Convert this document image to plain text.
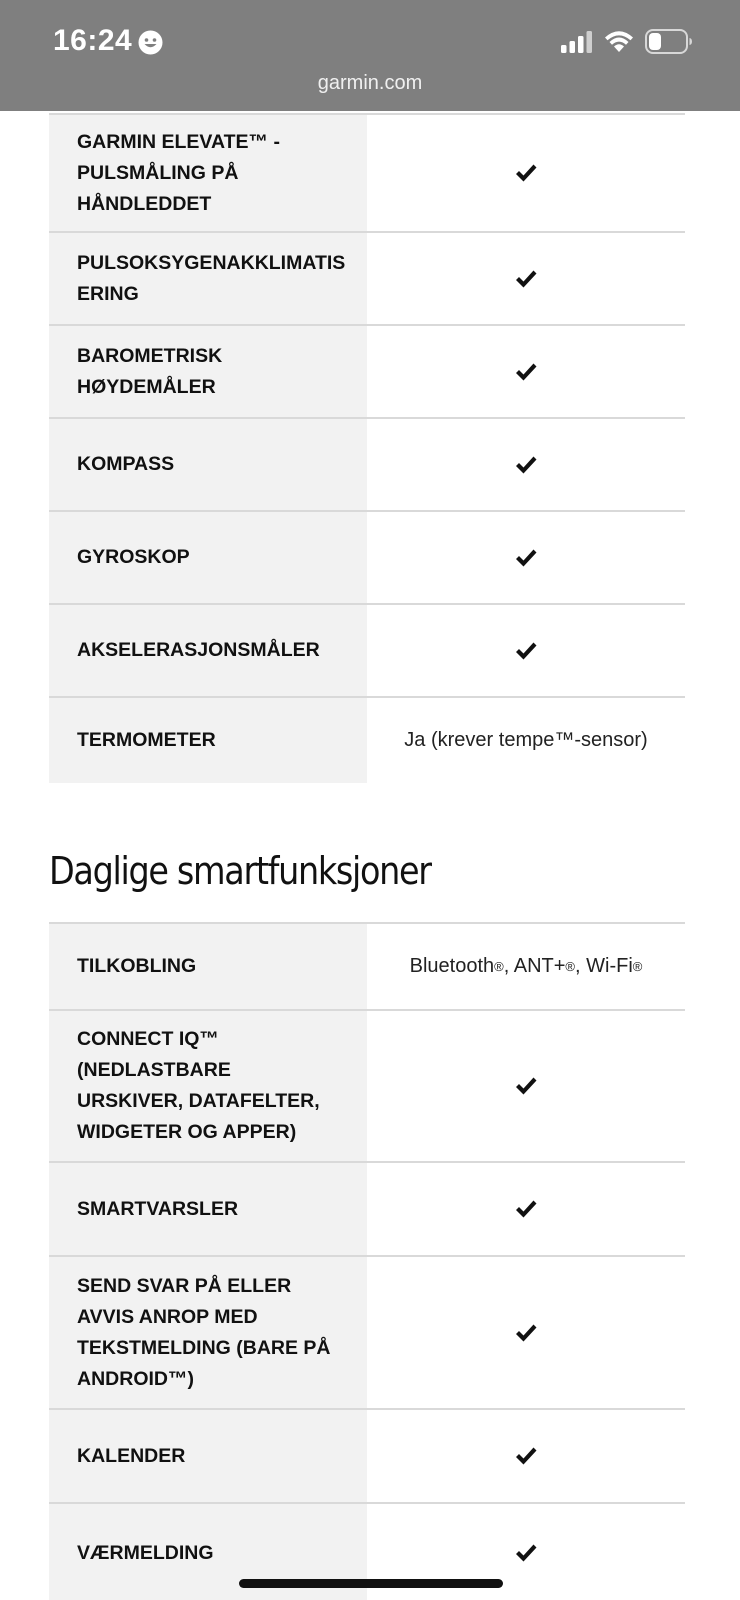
16:24
garmin.com
GARMIN ELEVATE™ - PULSMÅLING PÅ HÅNDLEDDET
PULSOKSYGENAKKLIMATIS ERING
BAROMETRISK HØYDEMÅLER
KOMPASS
GYROSKOP
AKSELERASJONSMÅLER
TERMOMETER	Ja (krever tempe™-sensor)
Daglige smartfunksjoner
TILKOBLING	Bluetooth ® , ANT+ ® , Wi-Fi ®
CONNECT IQ™ (NEDLASTBARE URSKIVER, DATAFELTER, WIDGETER OG APPER)
SMARTVARSLER
SEND SVAR PÅ ELLER AVVIS ANROP MED TEKSTMELDING (BARE PÅ ANDROID™)
KALENDER
VÆRMELDING
